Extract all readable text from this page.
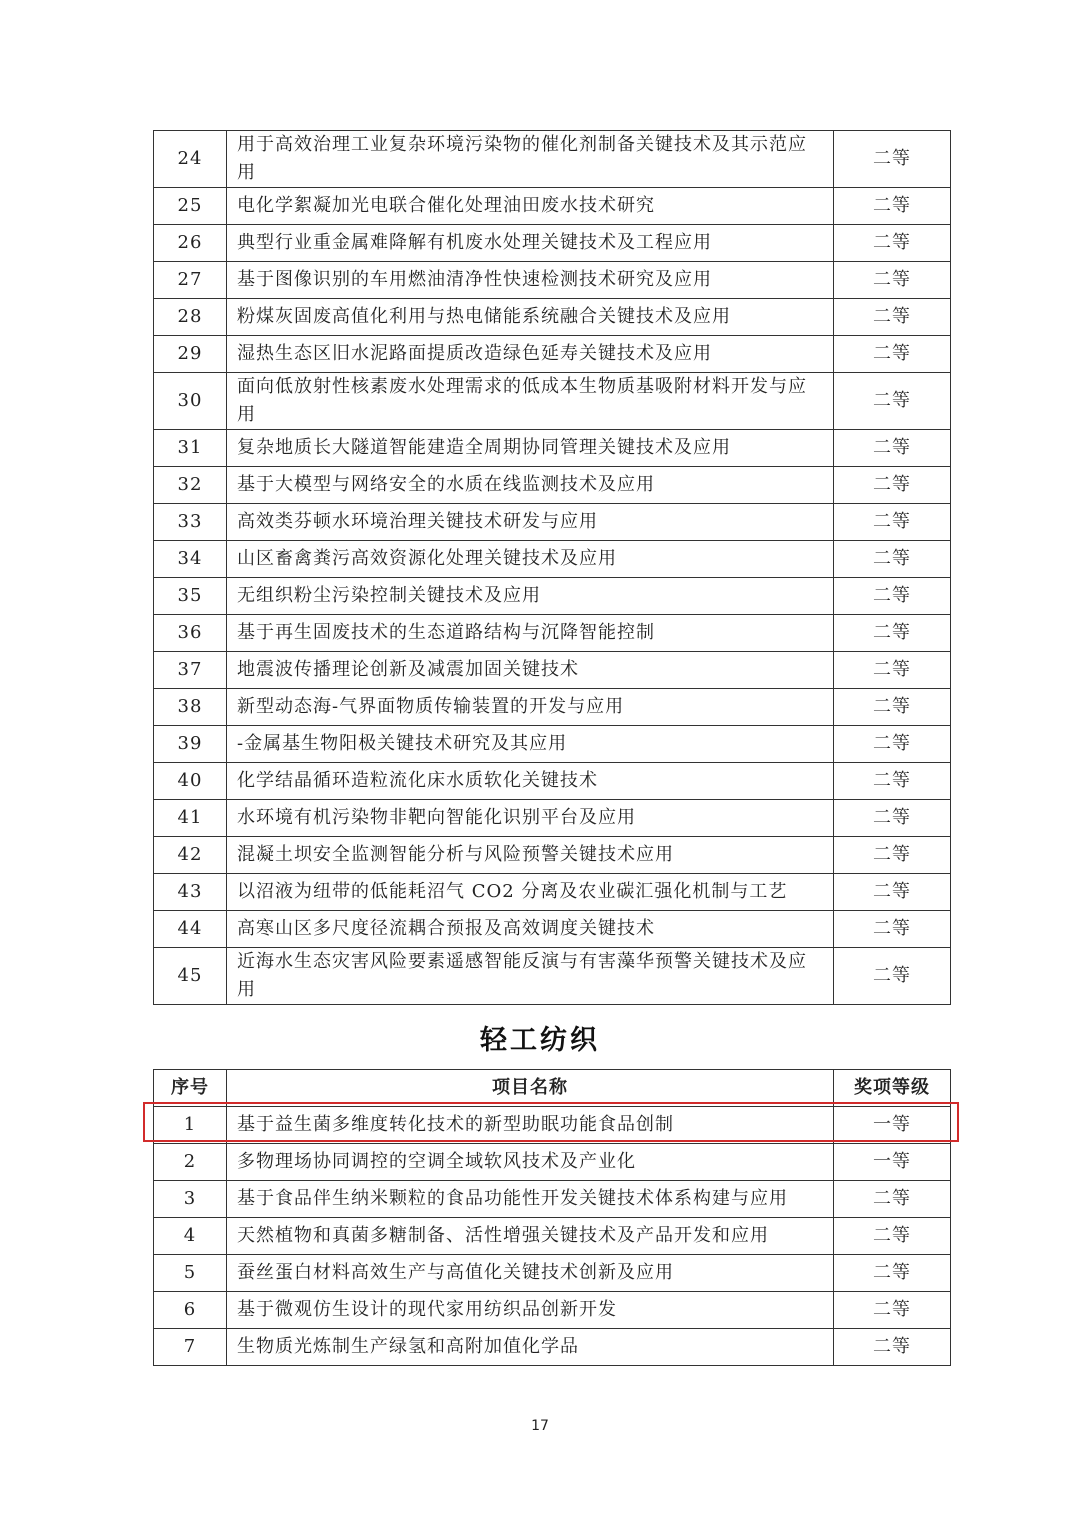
24	用于高效治理工业复杂环境污染物的催化剂制备关键技术及其示范应用	二等
25	电化学絮凝加光电联合催化处理油田废水技术研究	二等
26	典型行业重金属难降解有机废水处理关键技术及工程应用	二等
27	基于图像识别的车用燃油清净性快速检测技术研究及应用	二等
28	粉煤灰固废高值化利用与热电储能系统融合关键技术及应用	二等
29	湿热生态区旧水泥路面提质改造绿色延寿关键技术及应用	二等
30	面向低放射性核素废水处理需求的低成本生物质基吸附材料开发与应用	二等
31	复杂地质长大隧道智能建造全周期协同管理关键技术及应用	二等
32	基于大模型与网络安全的水质在线监测技术及应用	二等
33	高效类芬顿水环境治理关键技术研发与应用	二等
34	山区畜禽粪污高效资源化处理关键技术及应用	二等
35	无组织粉尘污染控制关键技术及应用	二等
36	基于再生固废技术的生态道路结构与沉降智能控制	二等
37	地震波传播理论创新及减震加固关键技术	二等
38	新型动态海-气界面物质传输装置的开发与应用	二等
39	-金属基生物阳极关键技术研究及其应用	二等
40	化学结晶循环造粒流化床水质软化关键技术	二等
41	水环境有机污染物非靶向智能化识别平台及应用	二等
42	混凝土坝安全监测智能分析与风险预警关键技术应用	二等
43	以沼液为纽带的低能耗沼气 CO2 分离及农业碳汇强化机制与工艺	二等
44	高寒山区多尺度径流耦合预报及高效调度关键技术	二等
45	近海水生态灾害风险要素遥感智能反演与有害藻华预警关键技术及应用	二等
轻工纺织
序号	项目名称	奖项等级
1	基于益生菌多维度转化技术的新型助眠功能食品创制	一等
2	多物理场协同调控的空调全域软风技术及产业化	一等
3	基于食品伴生纳米颗粒的食品功能性开发关键技术体系构建与应用	二等
4	天然植物和真菌多糖制备、活性增强关键技术及产品开发和应用	二等
5	蚕丝蛋白材料高效生产与高值化关键技术创新及应用	二等
6	基于微观仿生设计的现代家用纺织品创新开发	二等
7	生物质光炼制生产绿氢和高附加值化学品	二等
17
